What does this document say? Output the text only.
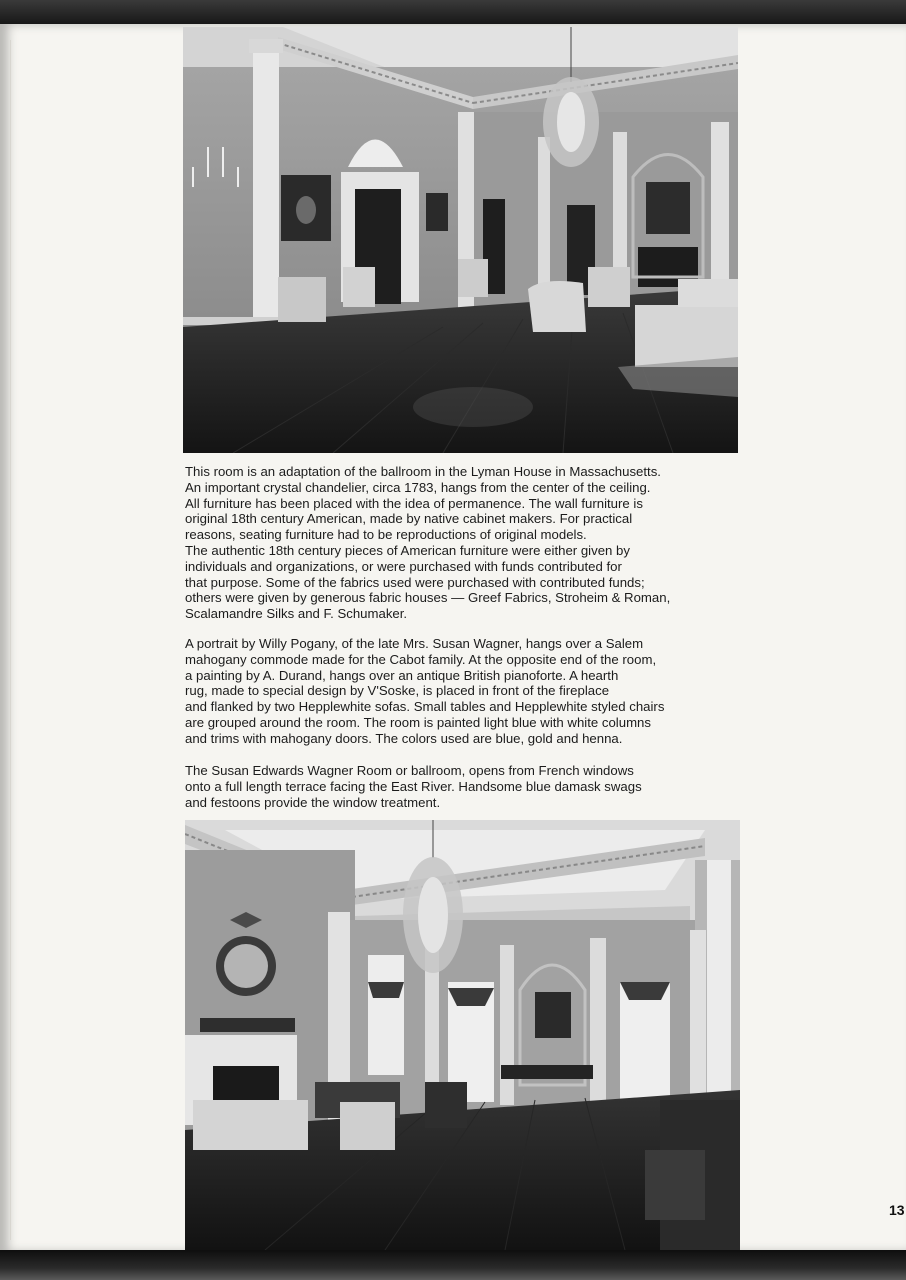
This room is an adaptation of the ballroom in the Lyman House in Massachusetts.
An important crystal chandelier, circa 1783, hangs from the center of the ceiling.
All furniture has been placed with the idea of permanence. The wall furniture is
original 18th century American, made by native cabinet makers. For practical
reasons, seating furniture had to be reproductions of original models.
The authentic 18th century pieces of American furniture were either given by
individuals and organizations, or were purchased with funds contributed for
that purpose. Some of the fabrics used were purchased with contributed funds;
others were given by generous fabric houses — Greef Fabrics, Stroheim & Roman,
Scalamandre Silks and F. Schumaker.
A portrait by Willy Pogany, of the late Mrs. Susan Wagner, hangs over a Salem
mahogany commode made for the Cabot family. At the opposite end of the room,
a painting by A. Durand, hangs over an antique British pianoforte. A hearth
rug, made to special design by V'Soske, is placed in front of the fireplace
and flanked by two Hepplewhite sofas. Small tables and Hepplewhite styled chairs
are grouped around the room. The room is painted light blue with white columns
and trims with mahogany doors. The colors used are blue, gold and henna.
The Susan Edwards Wagner Room or ballroom, opens from French windows
onto a full length terrace facing the East River. Handsome blue damask swags
and festoons provide the window treatment.
13
